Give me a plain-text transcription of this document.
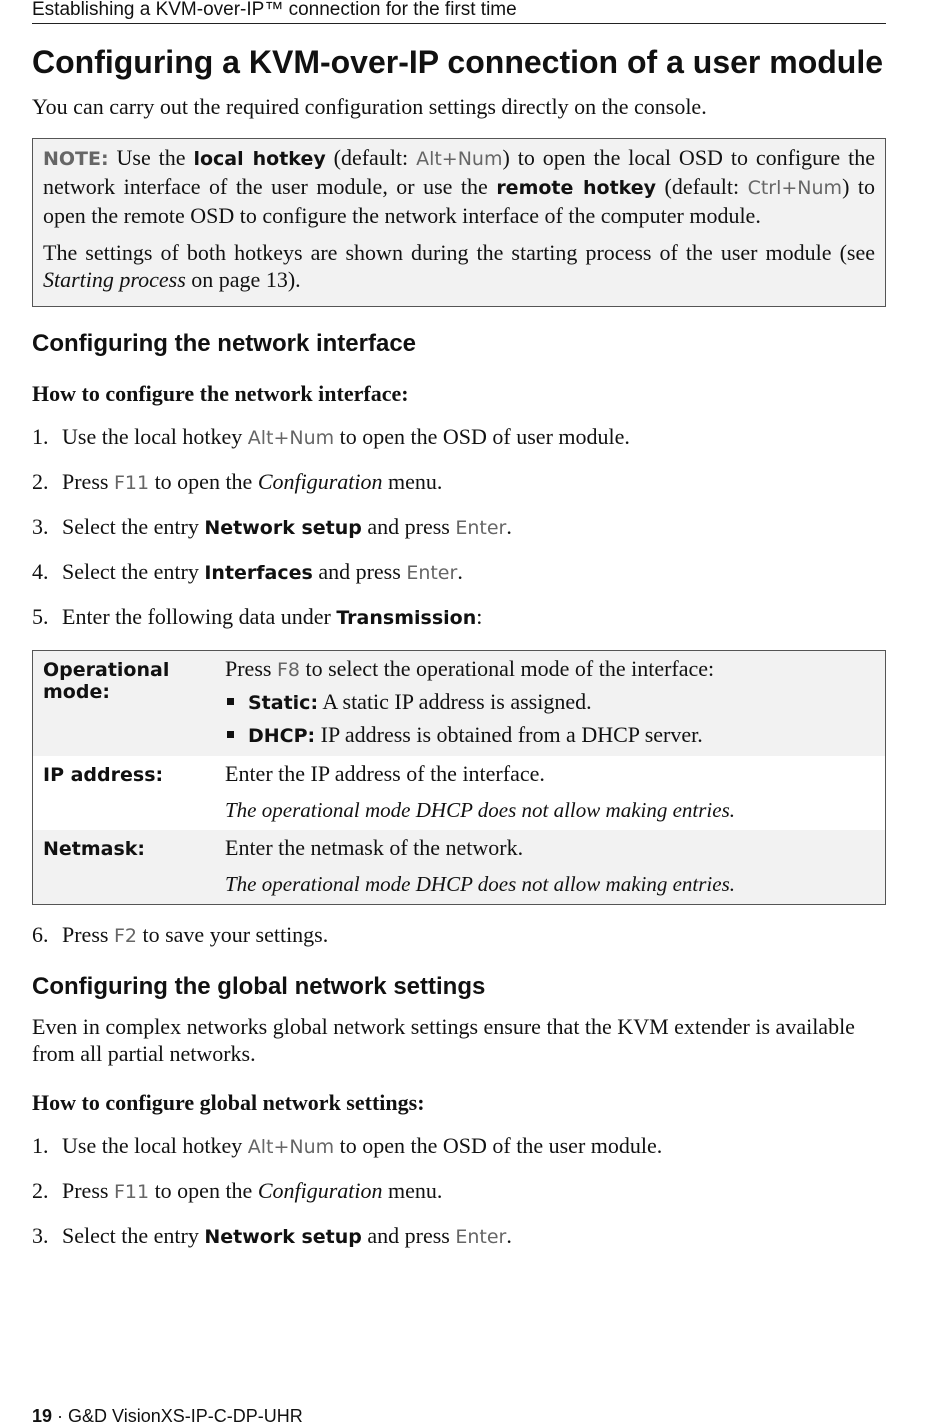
Establishing a KVM-over-IP™ connection for the first time
Configuring a KVM-over-IP connection of a user module

You can carry out the required configuration settings directly on the console.

NOTE: Use the local hotkey (default: Alt+Num) to open the local OSD to configure the network interface of the user module, or use the remote hotkey (default: Ctrl+Num) to open the remote OSD to configure the network interface of the computer module.

The settings of both hotkeys are shown during the starting process of the user module (see Starting process on page 13).

Configuring the network interface
How to configure the network interface:
1. Use the local hotkey Alt+Num to open the OSD of user module.
2. Press F11 to open the Configuration menu.
3. Select the entry Network setup and press Enter.
4. Select the entry Interfaces and press Enter.
5. Enter the following data under Transmission:
Operational mode:	Press F8 to select the operational mode of the interface:
Static: A static IP address is assigned.
DHCP: IP address is obtained from a DHCP server.

IP address:	Enter the IP address of the interface.
The operational mode DHCP does not allow making entries.

Netmask:	Enter the netmask of the network.
The operational mode DHCP does not allow making entries.
6. Press F2 to save your settings.
Configuring the global network settings

Even in complex networks global network settings ensure that the KVM extender is available from all partial networks.

How to configure global network settings:
1. Use the local hotkey Alt+Num to open the OSD of the user module.
2. Press F11 to open the Configuration menu.
3. Select the entry Network setup and press Enter.
19 · G&D VisionXS-IP-C-DP-UHR
